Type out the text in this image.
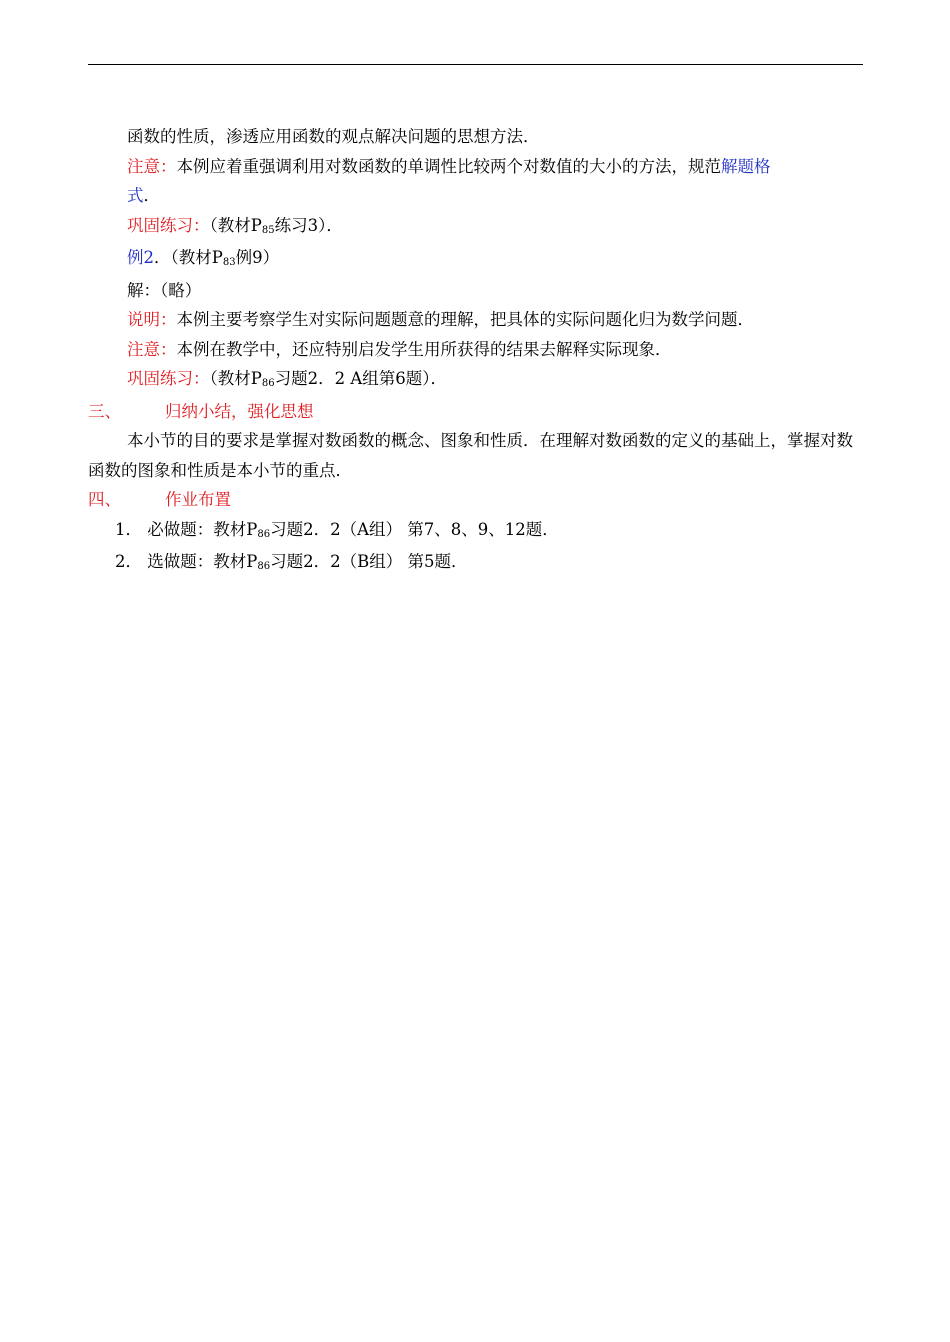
函数的性质，渗透应用函数的观点解决问题的思想方法．

注意：本例应着重强调利用对数函数的单调性比较两个对数值的大小的方法，规范解题格

式．

巩固练习：（教材$P_{85}$练习3）．

例2．（教材$P_{83}$例9）

解：（略）

说明：本例主要考察学生对实际问题题意的理解，把具体的实际问题化归为数学问题．

注意：本例在教学中，还应特别启发学生用所获得的结果去解释实际现象．

巩固练习：（教材$P_{86}$习题2．2 A组第6题）．

三、	归纳小结，强化思想

本小节的目的要求是掌握对数函数的概念、图象和性质．在理解对数函数的定义的基础上，掌握对数函数的图象和性质是本小节的重点．

四、	作业布置

1． 必做题：教材$P_{86}$习题2．2（A组） 第7、8、9、12题．

2． 选做题：教材$P_{86}$习题2．2（B组） 第5题．
